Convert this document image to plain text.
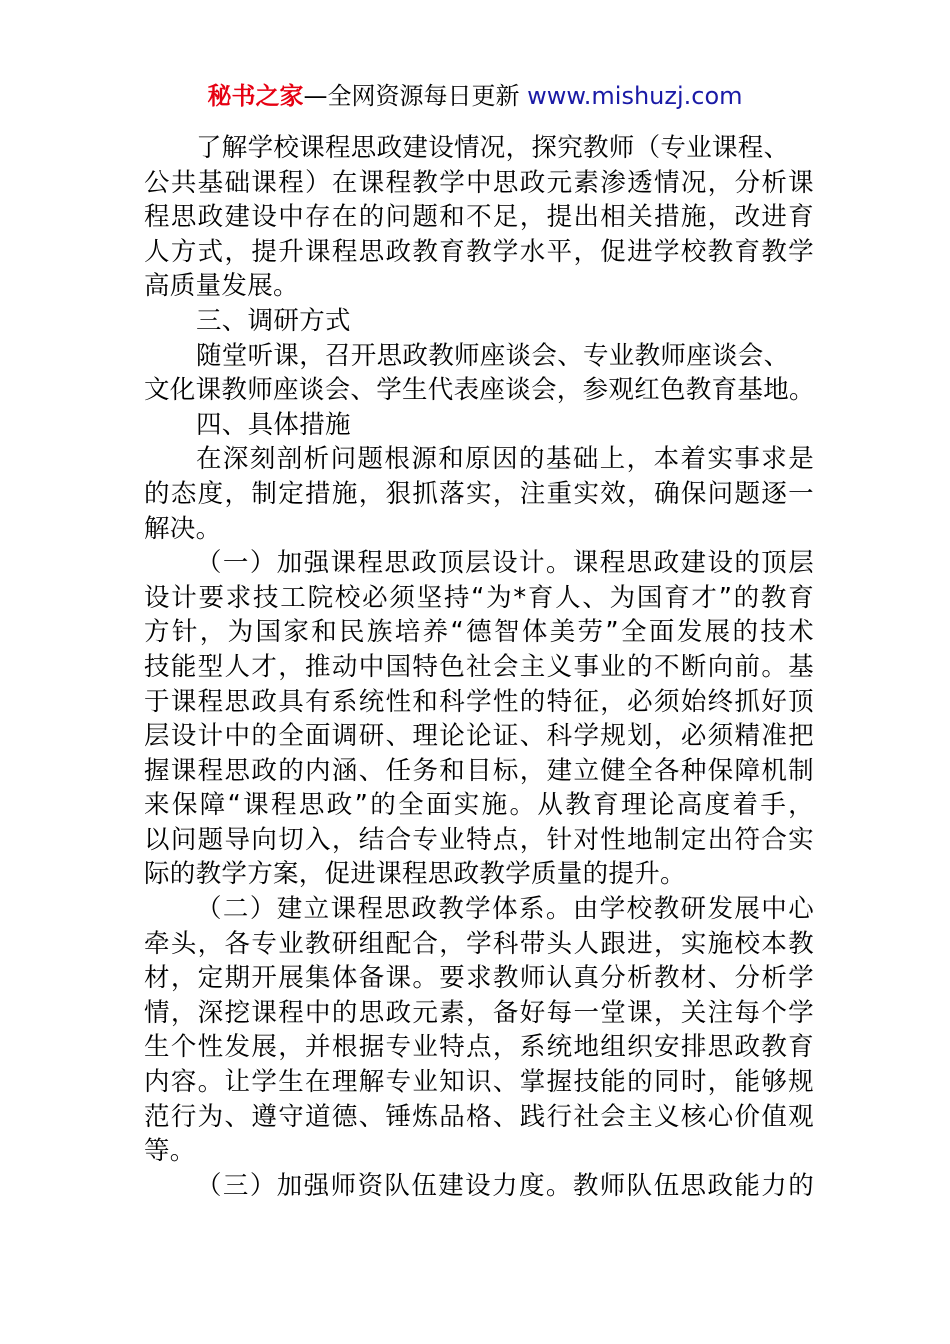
秘书之家—全网资源每日更新 www.mishuzj.com
了解学校课程思政建设情况，探究教师（专业课程、
公共基础课程）在课程教学中思政元素渗透情况，分析课
程思政建设中存在的问题和不足，提出相关措施，改进育
人方式，提升课程思政教育教学水平，促进学校教育教学
高质量发展。
三、调研方式
随堂听课，召开思政教师座谈会、专业教师座谈会、
文化课教师座谈会、学生代表座谈会，参观红色教育基地。
四、具体措施
在深刻剖析问题根源和原因的基础上，本着实事求是
的态度，制定措施，狠抓落实，注重实效，确保问题逐一
解决。
（一）加强课程思政顶层设计。课程思政建设的顶层
设计要求技工院校必须坚持“为*育人、为国育才”的教育
方针，为国家和民族培养“德智体美劳”全面发展的技术
技能型人才，推动中国特色社会主义事业的不断向前。基
于课程思政具有系统性和科学性的特征，必须始终抓好顶
层设计中的全面调研、理论论证、科学规划，必须精准把
握课程思政的内涵、任务和目标，建立健全各种保障机制
来保障“课程思政”的全面实施。从教育理论高度着手，
以问题导向切入，结合专业特点，针对性地制定出符合实
际的教学方案，促进课程思政教学质量的提升。
（二）建立课程思政教学体系。由学校教研发展中心
牵头，各专业教研组配合，学科带头人跟进，实施校本教
材，定期开展集体备课。要求教师认真分析教材、分析学
情，深挖课程中的思政元素，备好每一堂课，关注每个学
生个性发展，并根据专业特点，系统地组织安排思政教育
内容。让学生在理解专业知识、掌握技能的同时，能够规
范行为、遵守道德、锤炼品格、践行社会主义核心价值观
等。
（三）加强师资队伍建设力度。教师队伍思政能力的
